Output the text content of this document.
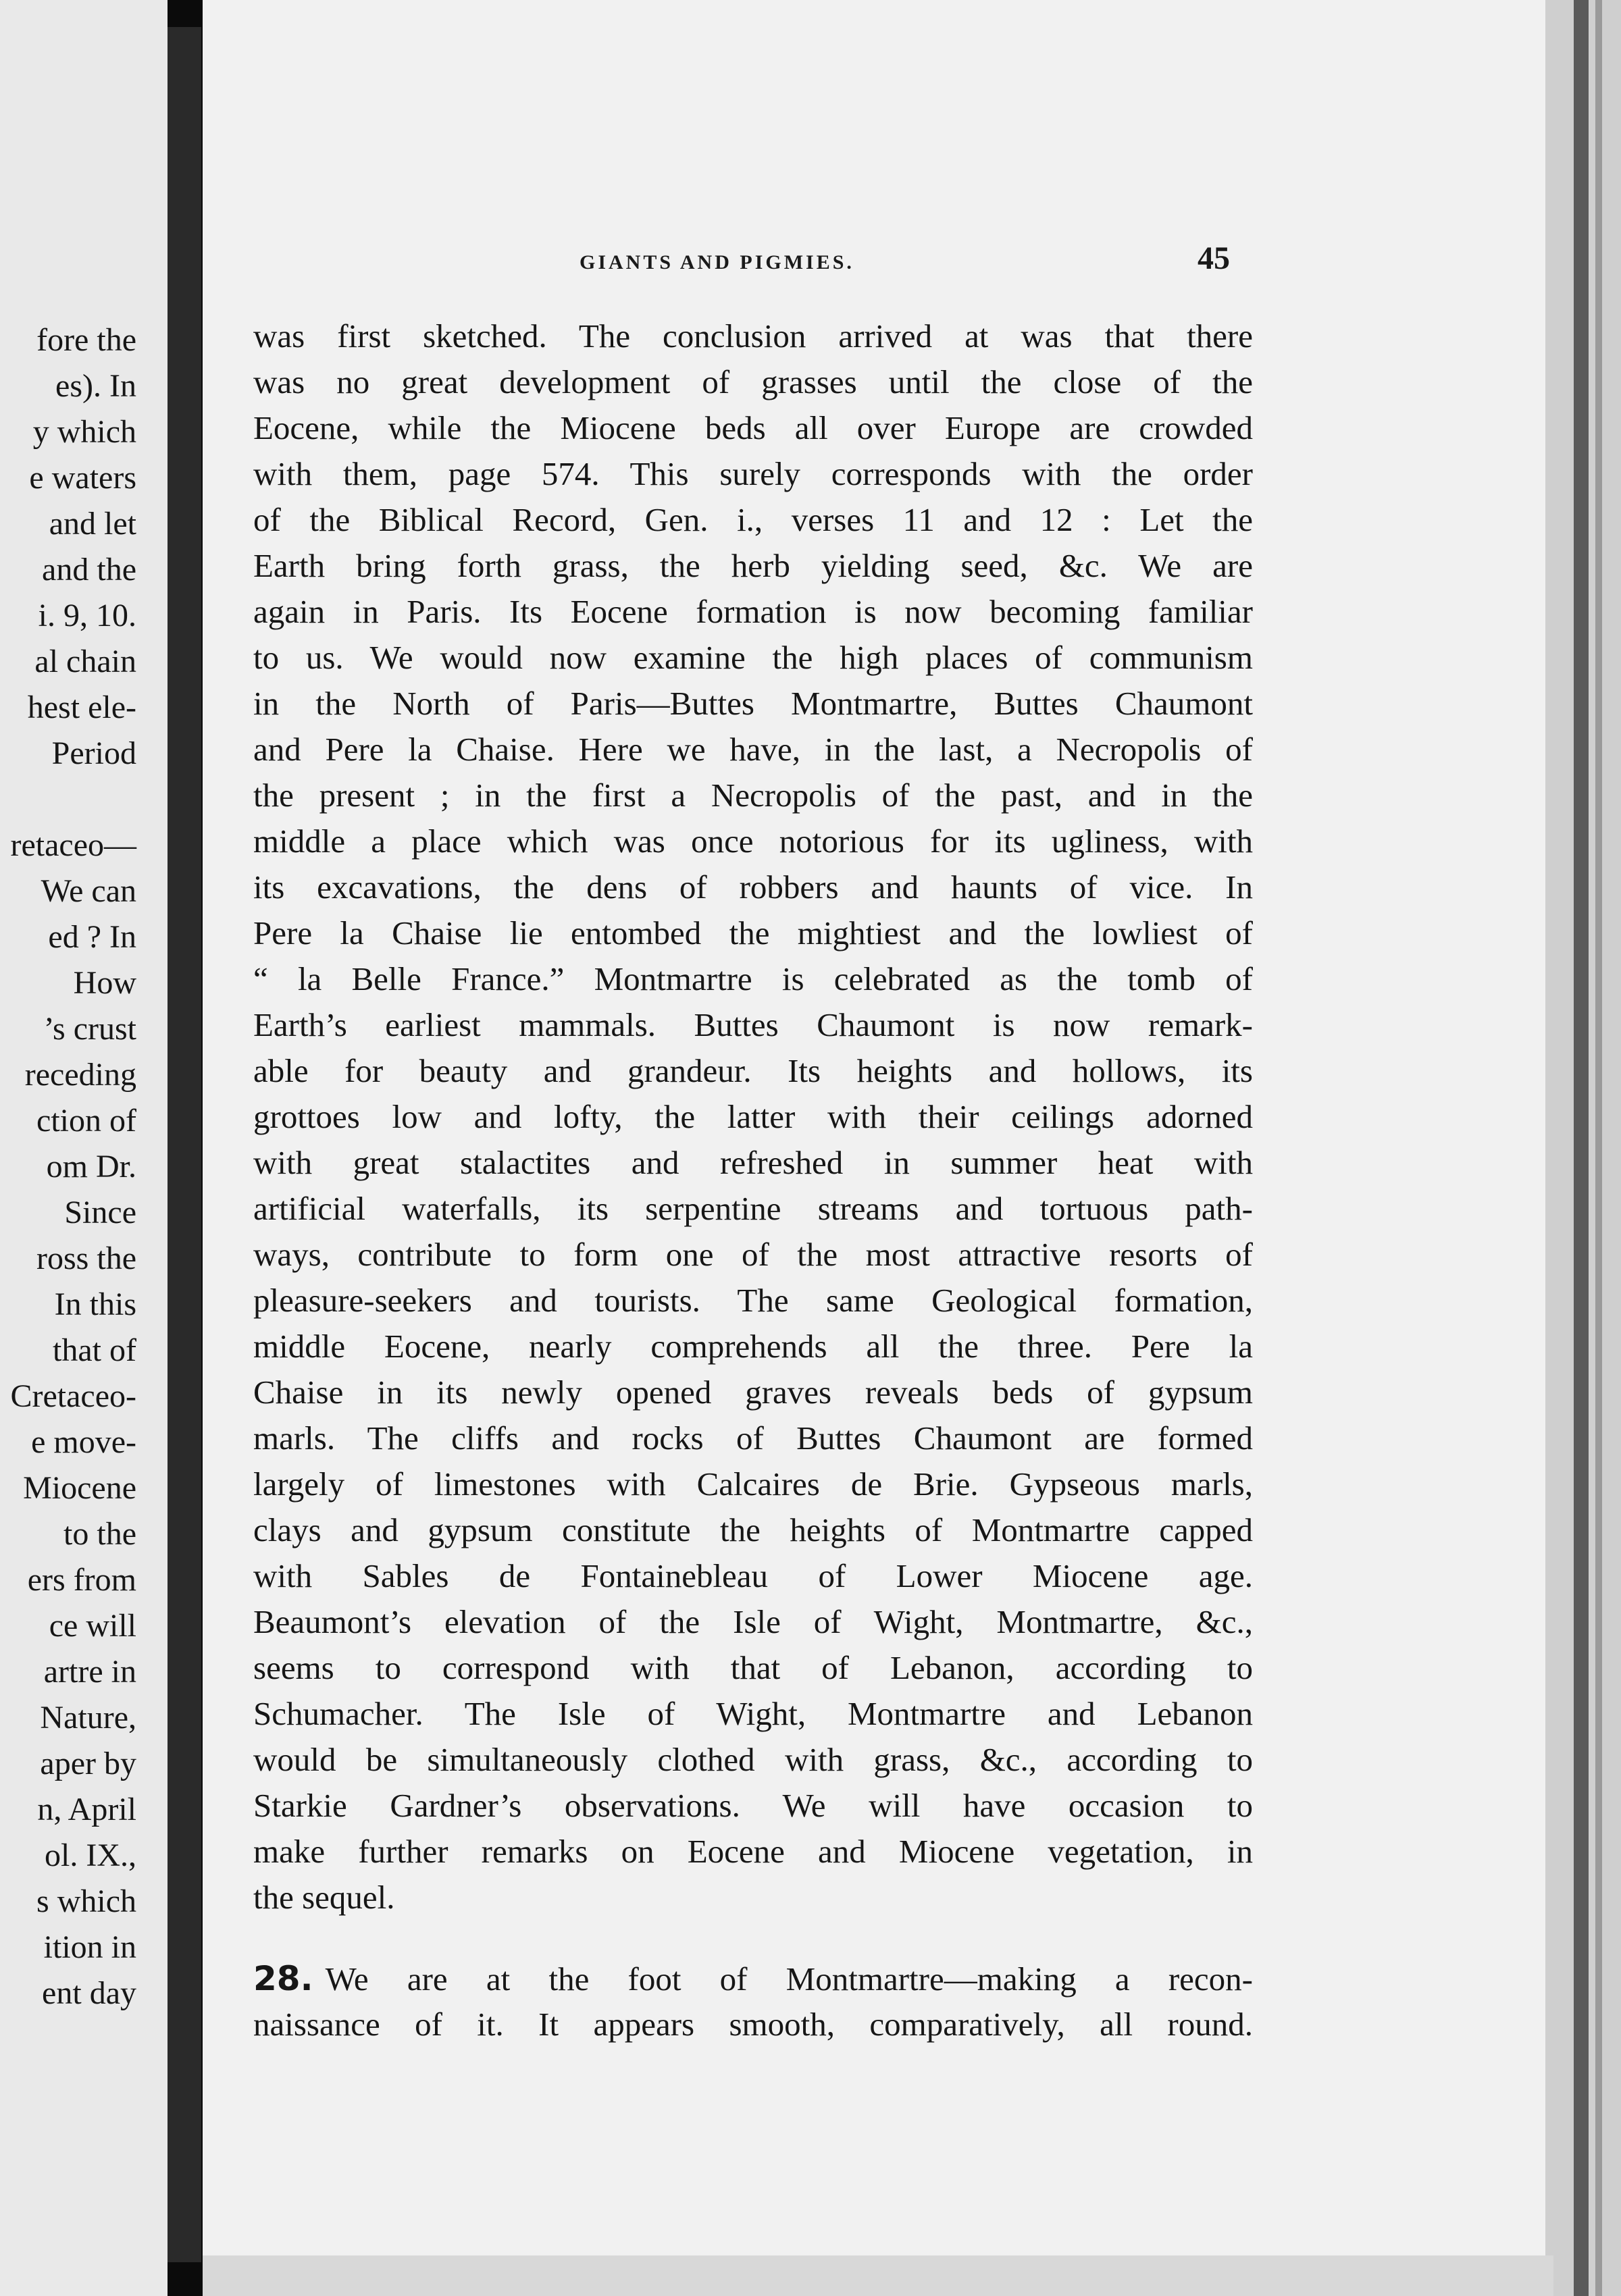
fore the
es). In
y which
e waters
and let
and the
i. 9, 10.
al chain
hest ele-
Period
retaceo—
We can
ed ? In
How
’s crust
receding
ction of
om Dr.
Since
ross the
In this
that of
Cretaceo-
e move-
Miocene
to the
ers from
ce will
artre in
Nature,
aper by
n, April
ol. IX.,
s which
ition in
ent day
GIANTS AND PIGMIES.	45
was first sketched. The conclusion arrived at was that there
was no great development of grasses until the close of the
Eocene, while the Miocene beds all over Europe are crowded
with them, page 574. This surely corresponds with the order
of the Biblical Record, Gen. i., verses 11 and 12 : Let the
Earth bring forth grass, the herb yielding seed, &c. We are
again in Paris. Its Eocene formation is now becoming familiar
to us. We would now examine the high places of communism
in the North of Paris—Buttes Montmartre, Buttes Chaumont
and Pere la Chaise. Here we have, in the last, a Necropolis of
the present ; in the first a Necropolis of the past, and in the
middle a place which was once notorious for its ugliness, with
its excavations, the dens of robbers and haunts of vice. In
Pere la Chaise lie entombed the mightiest and the lowliest of
“ la Belle France.” Montmartre is celebrated as the tomb of
Earth’s earliest mammals. Buttes Chaumont is now remark-
able for beauty and grandeur. Its heights and hollows, its
grottoes low and lofty, the latter with their ceilings adorned
with great stalactites and refreshed in summer heat with
artificial waterfalls, its serpentine streams and tortuous path-
ways, contribute to form one of the most attractive resorts of
pleasure-seekers and tourists. The same Geological formation,
middle Eocene, nearly comprehends all the three. Pere la
Chaise in its newly opened graves reveals beds of gypsum
marls. The cliffs and rocks of Buttes Chaumont are formed
largely of limestones with Calcaires de Brie. Gypseous marls,
clays and gypsum constitute the heights of Montmartre capped
with Sables de Fontainebleau of Lower Miocene age.
Beaumont’s elevation of the Isle of Wight, Montmartre, &c.,
seems to correspond with that of Lebanon, according to
Schumacher. The Isle of Wight, Montmartre and Lebanon
would be simultaneously clothed with grass, &c., according to
Starkie Gardner’s observations. We will have occasion to
make further remarks on Eocene and Miocene vegetation, in
the sequel.
28. We are at the foot of Montmartre—making a recon-
naissance of it. It appears smooth, comparatively, all round.
